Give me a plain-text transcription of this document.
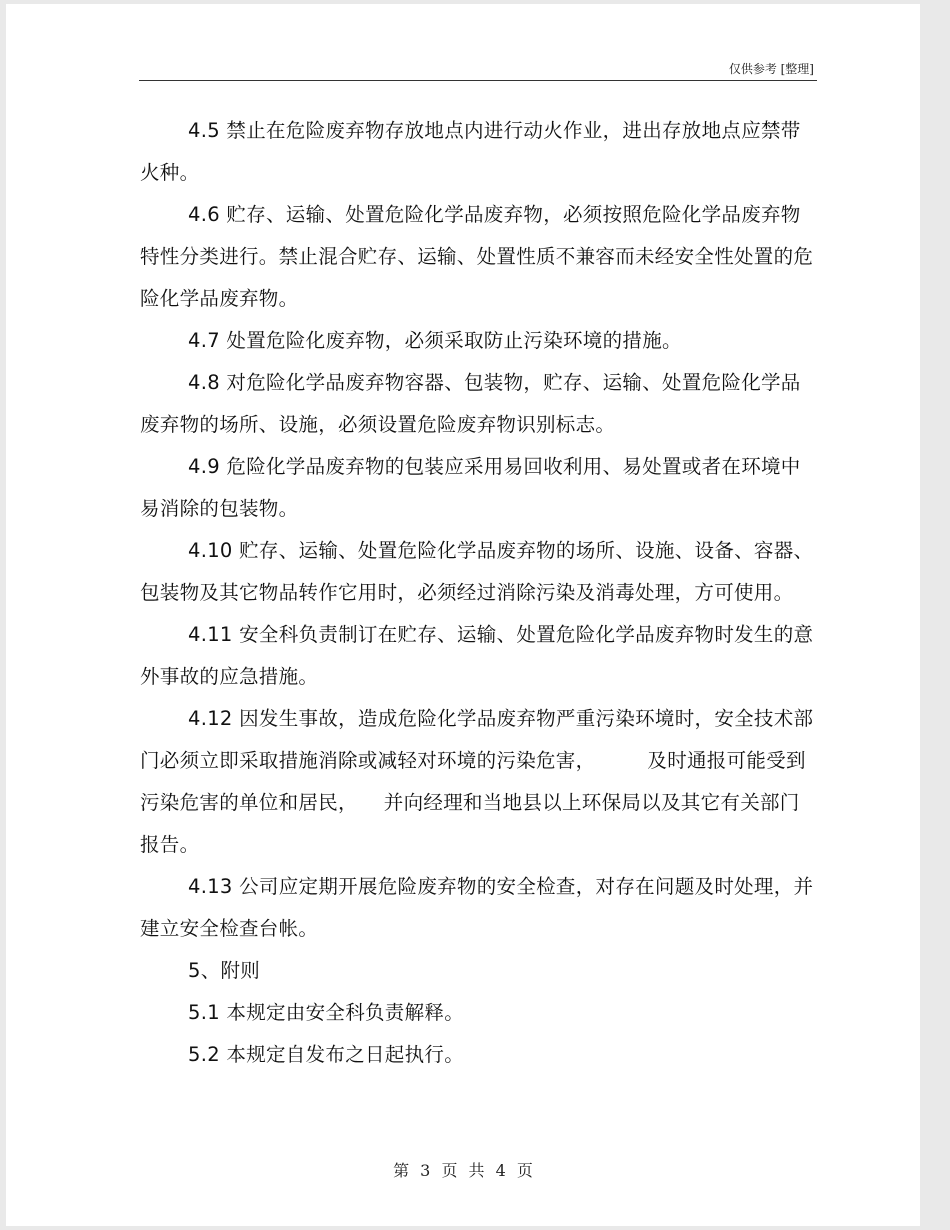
仅供参考 [整理]

4.5 禁止在危险废弃物存放地点内进行动火作业，进出存放地点应禁带火种。

4.6 贮存、运输、处置危险化学品废弃物，必须按照危险化学品废弃物特性分类进行。禁止混合贮存、运输、处置性质不兼容而未经安全性处置的危险化学品废弃物。

4.7 处置危险化废弃物，必须采取防止污染环境的措施。

4.8 对危险化学品废弃物容器、包装物，贮存、运输、处置危险化学品废弃物的场所、设施，必须设置危险废弃物识别标志。

4.9 危险化学品废弃物的包装应采用易回收利用、易处置或者在环境中易消除的包装物。

4.10 贮存、运输、处置危险化学品废弃物的场所、设施、设备、容器、包装物及其它物品转作它用时，必须经过消除污染及消毒处理，方可使用。

4.11 安全科负责制订在贮存、运输、处置危险化学品废弃物时发生的意外事故的应急措施。

4.12 因发生事故，造成危险化学品废弃物严重污染环境时，安全技术部门必须立即采取措施消除或减轻对环境的污染危害，        及时通报可能受到污染危害的单位和居民，    并向经理和当地县以上环保局以及其它有关部门报告。

4.13 公司应定期开展危险废弃物的安全检查，对存在问题及时处理，并建立安全检查台帐。

5、附则

5.1 本规定由安全科负责解释。

5.2 本规定自发布之日起执行。

第 3 页 共 4 页
